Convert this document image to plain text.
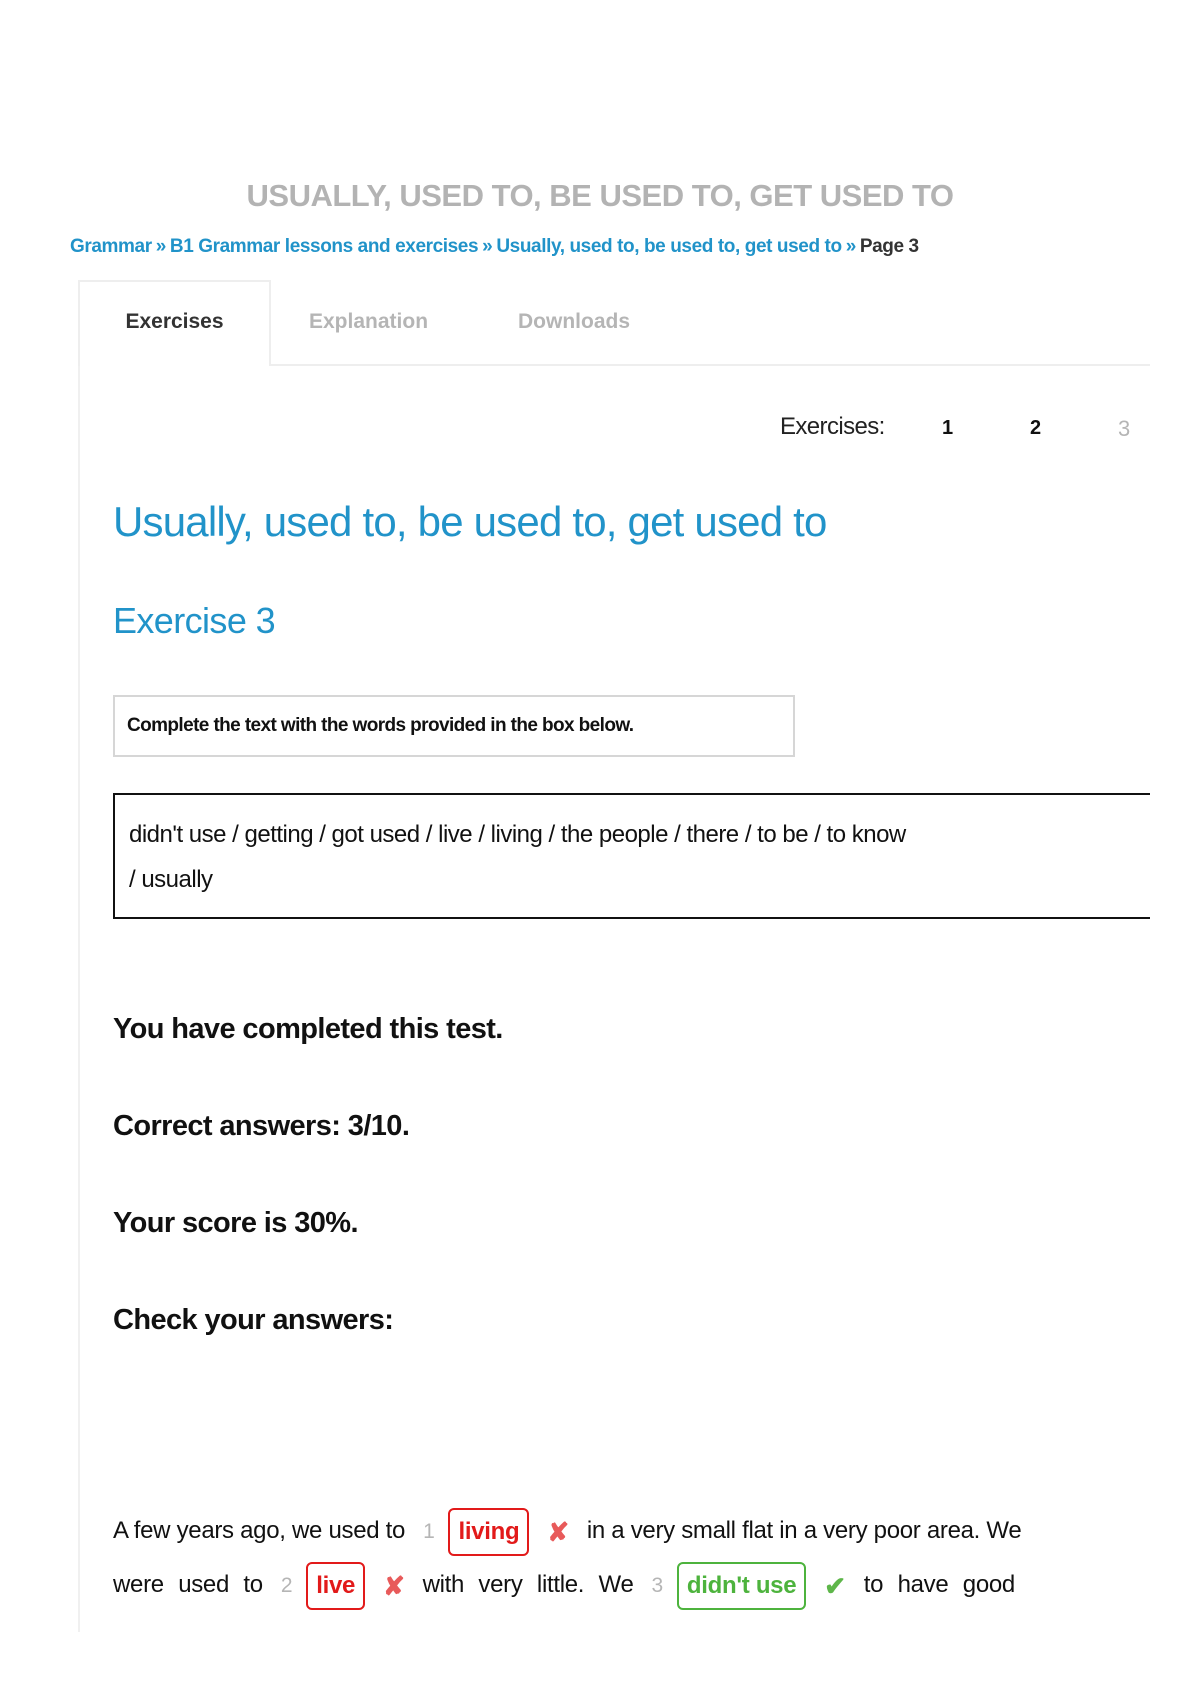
USUALLY, USED TO, BE USED TO, GET USED TO
Grammar » B1 Grammar lessons and exercises » Usually, used to, be used to, get used to » Page 3
Exercises	Explanation	Downloads
Exercises:	1	2	3
Usually, used to, be used to, get used to
Exercise 3
Complete the text with the words provided in the box below.
didn't use / getting / got used / live / living / the people / there / to be / to know
/ usually
You have completed this test.
Correct answers: 3/10.
Your score is 30%.
Check your answers:
A few years ago, we used to 1 living ✘ in a very small flat in a very poor area. We
were used to 2 live ✘ with very little. We 3 didn't use ✔ to have good
